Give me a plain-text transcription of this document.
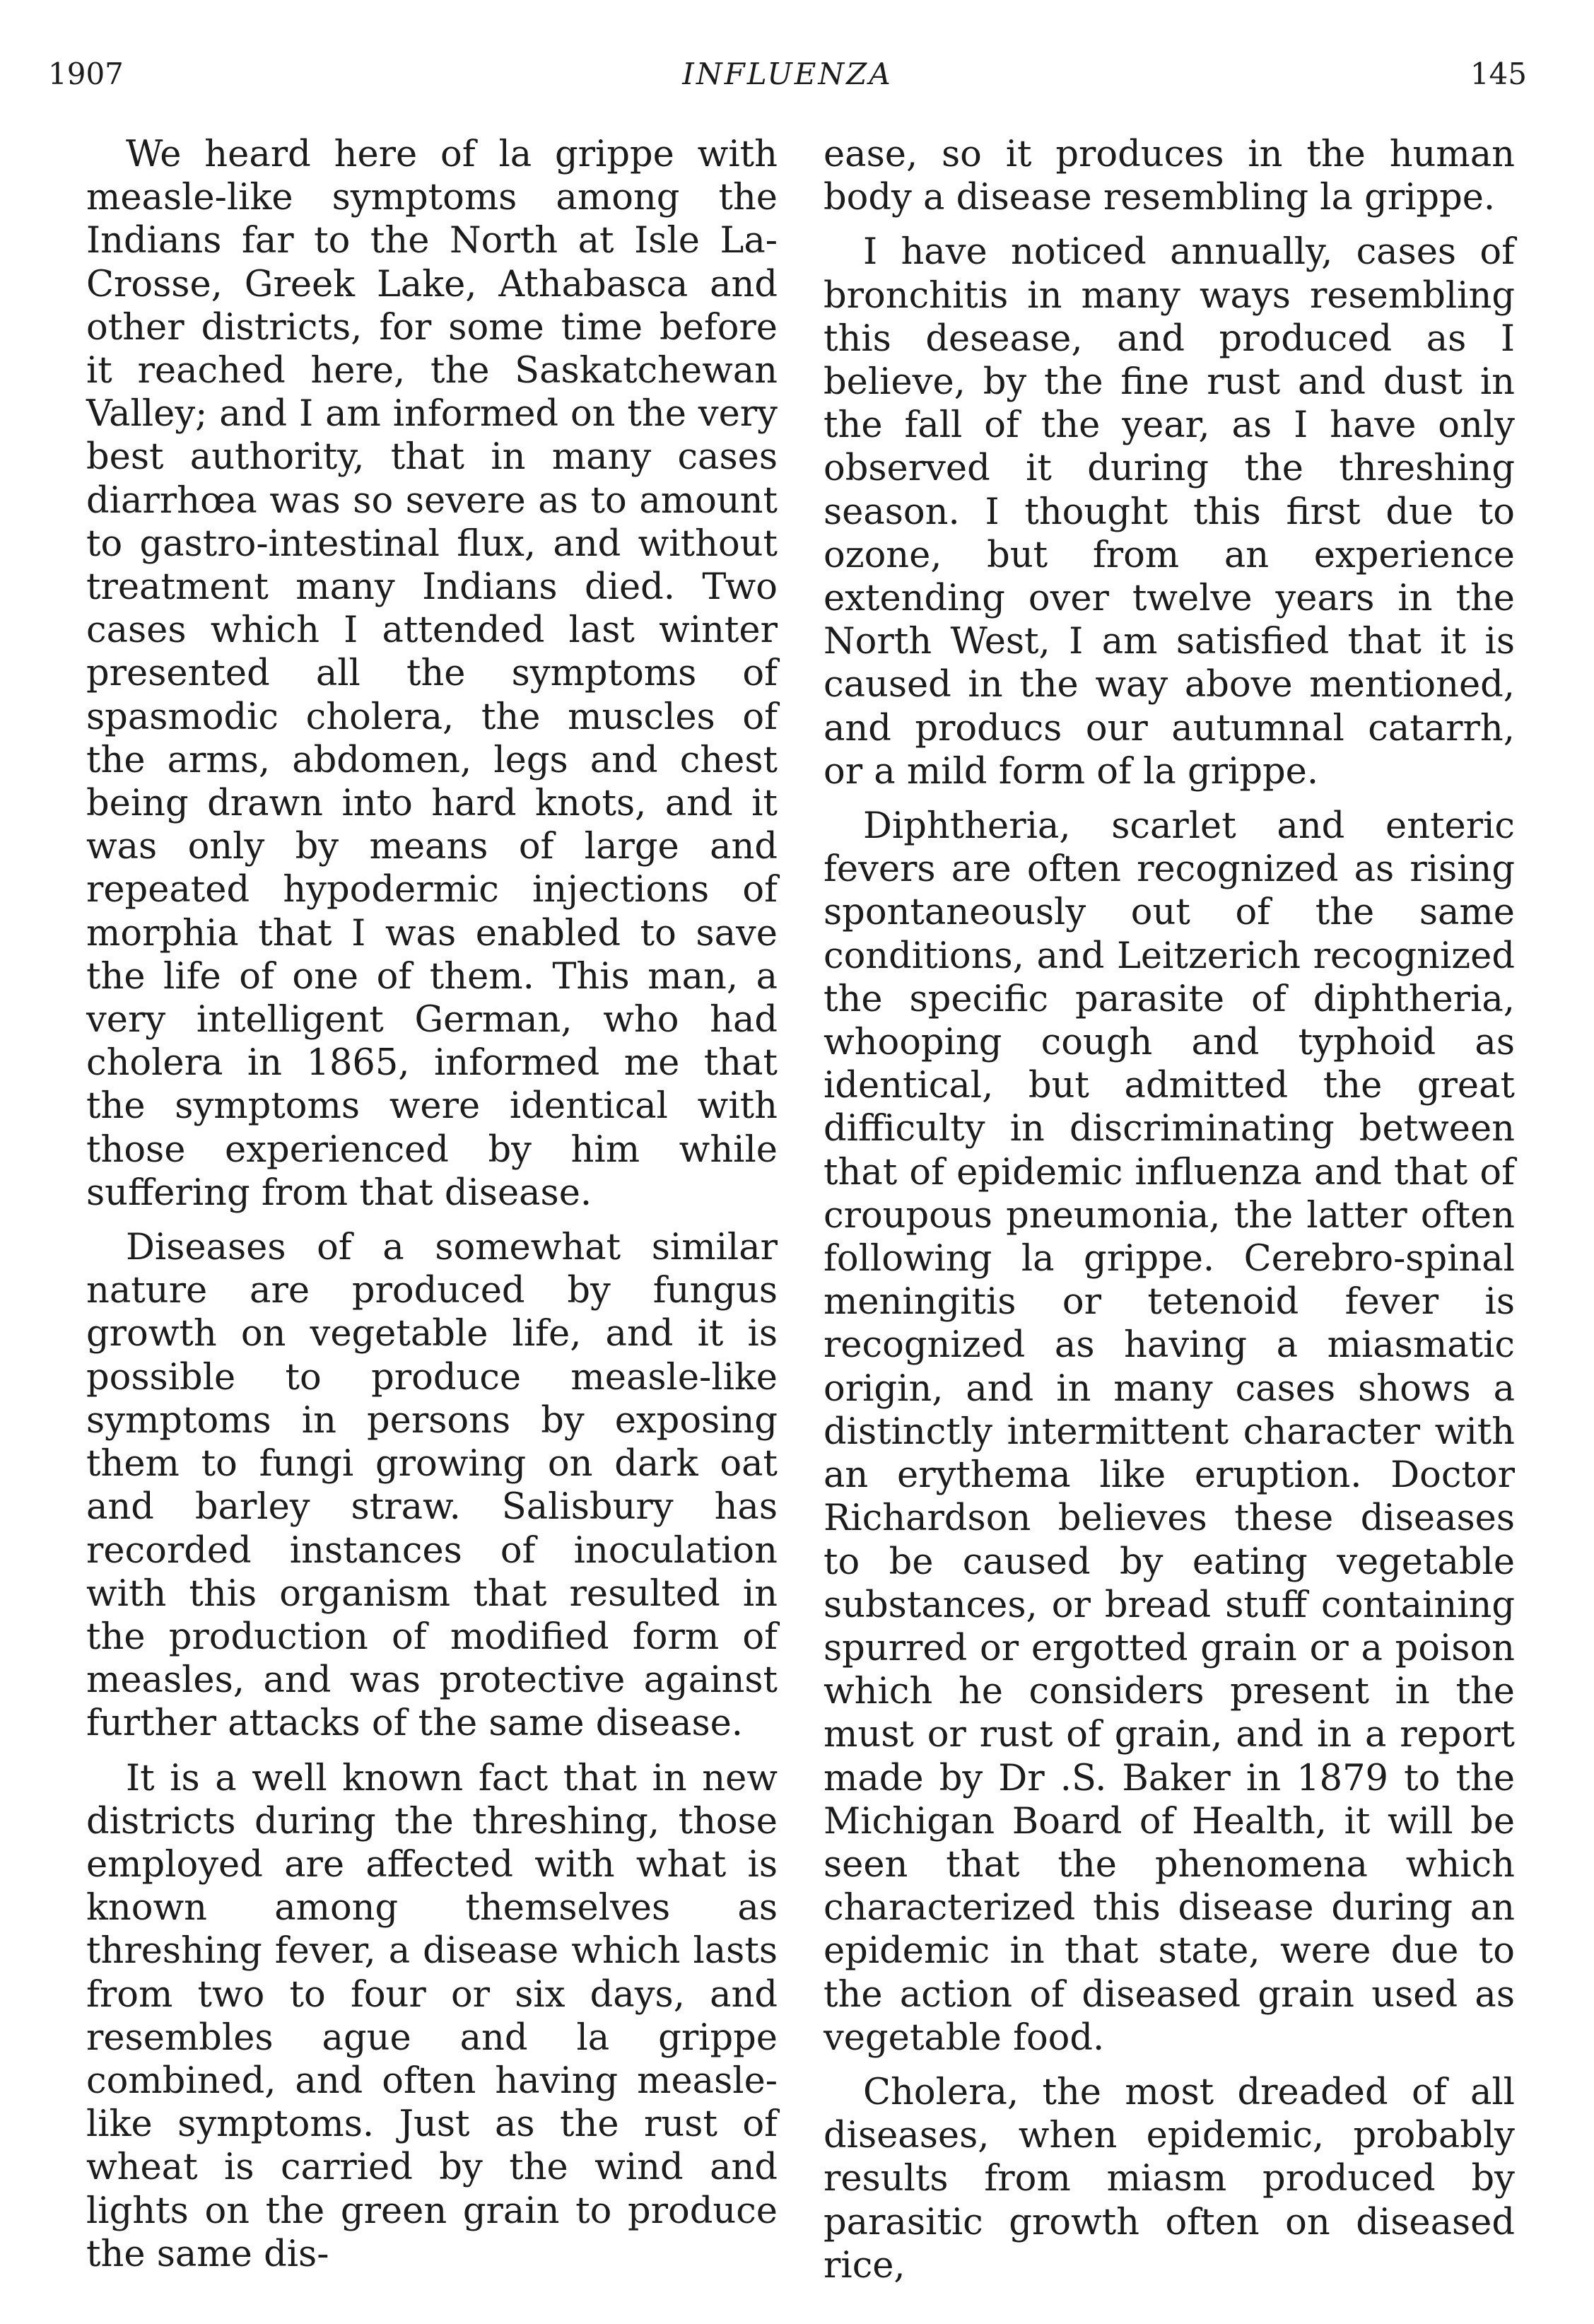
1907	INFLUENZA	145

We heard here of la grippe with measle-like symptoms among the Indians far to the North at Isle La-Crosse, Greek Lake, Athabasca and other districts, for some time before it reached here, the Saskatchewan Valley; and I am informed on the very best authority, that in many cases diarrhœa was so severe as to amount to gastro-intestinal flux, and without treatment many Indians died. Two cases which I attended last winter presented all the symptoms of spasmodic cholera, the muscles of the arms, abdomen, legs and chest being drawn into hard knots, and it was only by means of large and repeated hypodermic injections of morphia that I was enabled to save the life of one of them. This man, a very intelligent German, who had cholera in 1865, informed me that the symptoms were identical with those experienced by him while suffering from that disease.

Diseases of a somewhat similar nature are produced by fungus growth on vegetable life, and it is possible to produce measle-like symptoms in persons by exposing them to fungi growing on dark oat and barley straw. Salisbury has recorded instances of inoculation with this organism that resulted in the production of modified form of measles, and was protective against further attacks of the same disease.

It is a well known fact that in new districts during the threshing, those employed are affected with what is known among themselves as threshing fever, a disease which lasts from two to four or six days, and resembles ague and la grippe combined, and often having measle-like symptoms. Just as the rust of wheat is carried by the wind and lights on the green grain to produce the same dis-

ease, so it produces in the human body a disease resembling la grippe.

I have noticed annually, cases of bronchitis in many ways resembling this desease, and produced as I believe, by the fine rust and dust in the fall of the year, as I have only observed it during the threshing season. I thought this first due to ozone, but from an experience extending over twelve years in the North West, I am satisfied that it is caused in the way above mentioned, and producs our autumnal catarrh, or a mild form of la grippe.

Diphtheria, scarlet and enteric fevers are often recognized as rising spontaneously out of the same conditions, and Leitzerich recognized the specific parasite of diphtheria, whooping cough and typhoid as identical, but admitted the great difficulty in discriminating between that of epidemic influenza and that of croupous pneumonia, the latter often following la grippe. Cerebro-spinal meningitis or tetenoid fever is recognized as having a miasmatic origin, and in many cases shows a distinctly intermittent character with an erythema like eruption. Doctor Richardson believes these diseases to be caused by eating vegetable substances, or bread stuff containing spurred or ergotted grain or a poison which he considers present in the must or rust of grain, and in a report made by Dr .S. Baker in 1879 to the Michigan Board of Health, it will be seen that the phenomena which characterized this disease during an epidemic in that state, were due to the action of diseased grain used as vegetable food.

Cholera, the most dreaded of all diseases, when epidemic, probably results from miasm produced by parasitic growth often on diseased rice,
